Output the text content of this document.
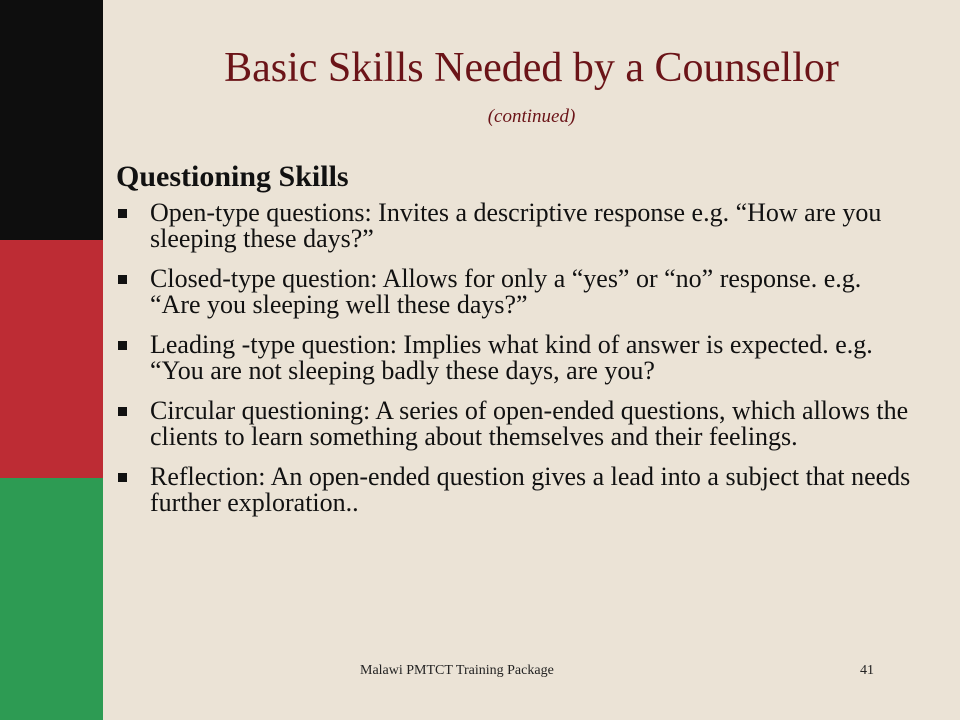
Basic Skills Needed by a Counsellor
(continued)
Questioning Skills
Open-type questions: Invites a descriptive response e.g. “How are you sleeping these days?”
Closed-type question: Allows for only a “yes” or “no” response. e.g. “Are you sleeping well these days?”
Leading -type question: Implies what kind of answer is expected. e.g. “You are not sleeping badly these days, are you?
Circular questioning: A series of open-ended questions, which allows the clients to learn something about themselves and their feelings.
Reflection: An open-ended question gives a lead into a subject that needs further exploration..
Malawi PMTCT Training Package	41
